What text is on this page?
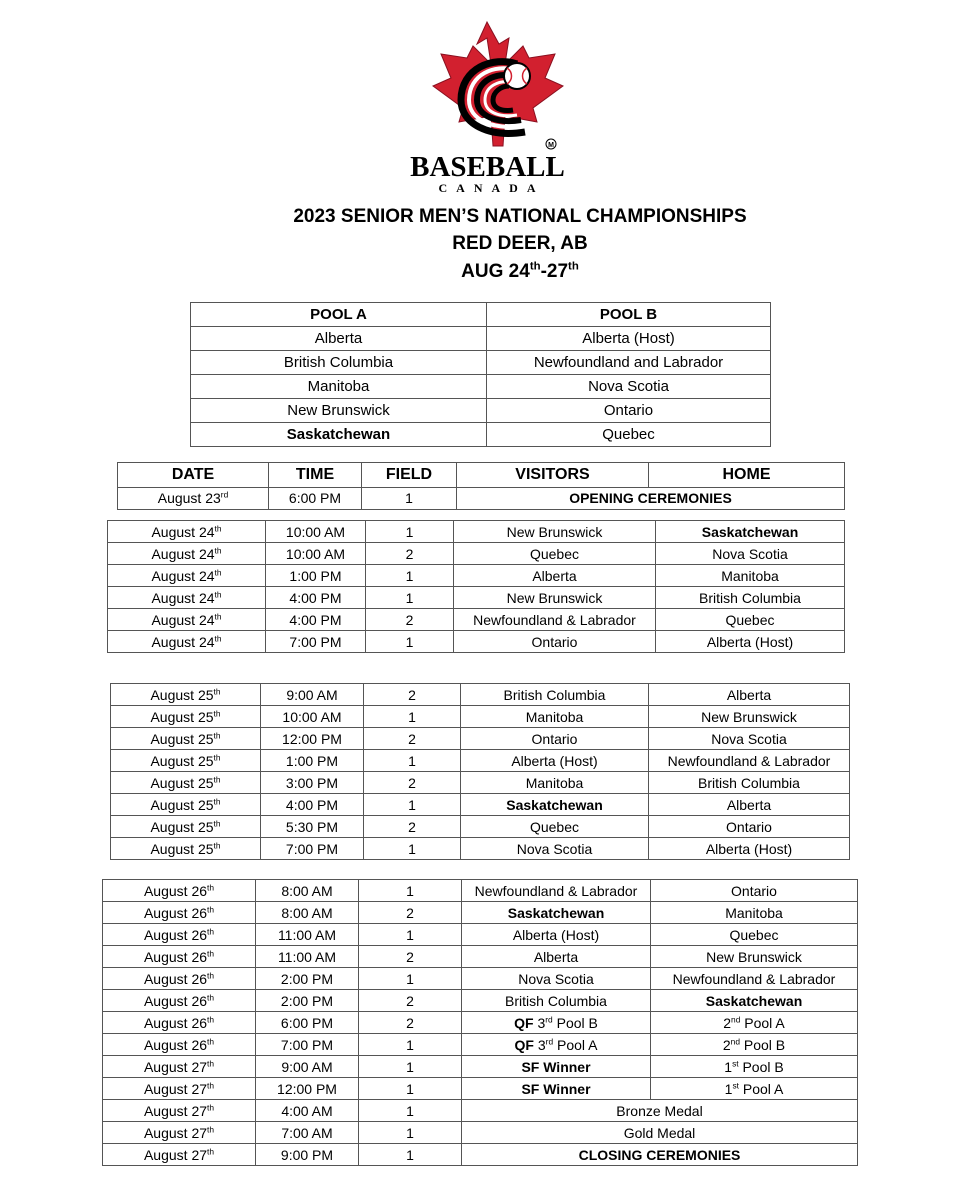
M
BASEBALL
CANADA
2023 SENIOR MEN’S NATIONAL CHAMPIONSHIPS
RED DEER, AB
AUG 24th-27th
POOL A	POOL B
Alberta	Alberta (Host)
British Columbia	Newfoundland and Labrador
Manitoba	Nova Scotia
New Brunswick	Ontario
Saskatchewan	Quebec
DATE	TIME	FIELD	VISITORS	HOME
August 23rd	6:00 PM	1	OPENING CEREMONIES	
August 24th	10:00 AM	1	New Brunswick	Saskatchewan
August 24th	10:00 AM	2	Quebec	Nova Scotia
August 24th	1:00 PM	1	Alberta	Manitoba
August 24th	4:00 PM	1	New Brunswick	British Columbia
August 24th	4:00 PM	2	Newfoundland & Labrador	Quebec
August 24th	7:00 PM	1	Ontario	Alberta (Host)
August 25th	9:00 AM	2	British Columbia	Alberta
August 25th	10:00 AM	1	Manitoba	New Brunswick
August 25th	12:00 PM	2	Ontario	Nova Scotia
August 25th	1:00 PM	1	Alberta (Host)	Newfoundland & Labrador
August 25th	3:00 PM	2	Manitoba	British Columbia
August 25th	4:00 PM	1	Saskatchewan	Alberta
August 25th	5:30 PM	2	Quebec	Ontario
August 25th	7:00 PM	1	Nova Scotia	Alberta (Host)
August 26th	8:00 AM	1	Newfoundland & Labrador	Ontario
August 26th	8:00 AM	2	Saskatchewan	Manitoba
August 26th	11:00 AM	1	Alberta (Host)	Quebec
August 26th	11:00 AM	2	Alberta	New Brunswick
August 26th	2:00 PM	1	Nova Scotia	Newfoundland & Labrador
August 26th	2:00 PM	2	British Columbia	Saskatchewan
August 26th	6:00 PM	2	QF 3rd Pool B	2nd Pool A
August 26th	7:00 PM	1	QF 3rd Pool A	2nd Pool B
August 27th	9:00 AM	1	SF Winner	1st Pool B
August 27th	12:00 PM	1	SF Winner	1st Pool A
August 27th	4:00 AM	1	Bronze Medal	
August 27th	7:00 AM	1	Gold Medal	
August 27th	9:00 PM	1	CLOSING CEREMONIES	
